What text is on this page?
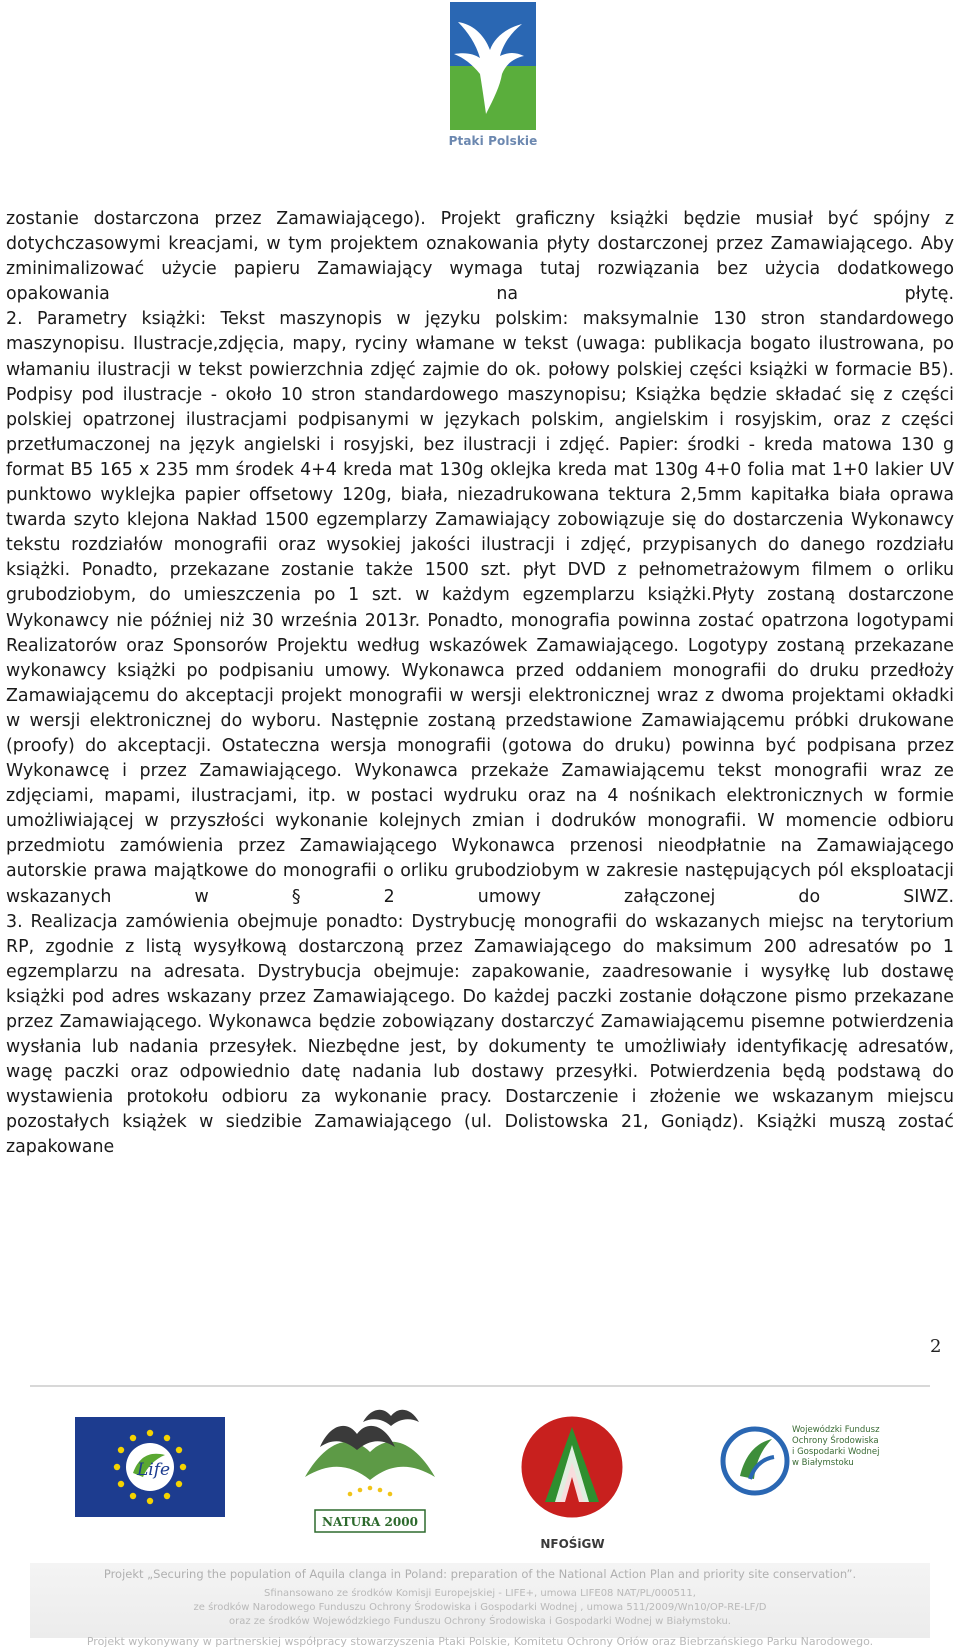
Ptaki Polskie

zostanie dostarczona przez Zamawiającego). Projekt graficzny książki będzie musiał być spójny z dotychczasowymi kreacjami, w tym projektem oznakowania płyty dostarczonej przez Zamawiającego. Aby zminimalizować użycie papieru Zamawiający wymaga tutaj rozwiązania bez użycia dodatkowego opakowania na płytę.

2. Parametry książki: Tekst maszynopis w języku polskim: maksymalnie 130 stron standardowego maszynopisu. Ilustracje,zdjęcia, mapy, ryciny włamane w tekst (uwaga: publikacja bogato ilustrowana, po włamaniu ilustracji w tekst powierzchnia zdjęć zajmie do ok. połowy polskiej części książki w formacie B5). Podpisy pod ilustracje - około 10 stron standardowego maszynopisu; Książka będzie składać się z części polskiej opatrzonej ilustracjami podpisanymi w językach polskim, angielskim i rosyjskim, oraz z części przetłumaczonej na język angielski i rosyjski, bez ilustracji i zdjęć. Papier: środki - kreda matowa 130 g format B5 165 x 235 mm środek 4+4 kreda mat 130g oklejka kreda mat 130g 4+0 folia mat 1+0 lakier UV punktowo wyklejka papier offsetowy 120g, biała, niezadrukowana tektura 2,5mm kapitałka biała oprawa twarda szyto klejona Nakład 1500 egzemplarzy Zamawiający zobowiązuje się do dostarczenia Wykonawcy tekstu rozdziałów monografii oraz wysokiej jakości ilustracji i zdjęć, przypisanych do danego rozdziału książki. Ponadto, przekazane zostanie także 1500 szt. płyt DVD z pełnometrażowym filmem o orliku grubodziobym, do umieszczenia po 1 szt. w każdym egzemplarzu książki.Płyty zostaną dostarczone Wykonawcy nie później niż 30 września 2013r. Ponadto, monografia powinna zostać opatrzona logotypami Realizatorów oraz Sponsorów Projektu według wskazówek Zamawiającego. Logotypy zostaną przekazane wykonawcy książki po podpisaniu umowy. Wykonawca przed oddaniem monografii do druku przedłoży Zamawiającemu do akceptacji projekt monografii w wersji elektronicznej wraz z dwoma projektami okładki w wersji elektronicznej do wyboru. Następnie zostaną przedstawione Zamawiającemu próbki drukowane (proofy) do akceptacji. Ostateczna wersja monografii (gotowa do druku) powinna być podpisana przez Wykonawcę i przez Zamawiającego. Wykonawca przekaże Zamawiającemu tekst monografii wraz ze zdjęciami, mapami, ilustracjami, itp. w postaci wydruku oraz na 4 nośnikach elektronicznych w formie umożliwiającej w przyszłości wykonanie kolejnych zmian i dodruków monografii. W momencie odbioru przedmiotu zamówienia przez Zamawiającego Wykonawca przenosi nieodpłatnie na Zamawiającego autorskie prawa majątkowe do monografii o orliku grubodziobym w zakresie następujących pól eksploatacji wskazanych w § 2 umowy załączonej do SIWZ.

3. Realizacja zamówienia obejmuje ponadto: Dystrybucję monografii do wskazanych miejsc na terytorium RP, zgodnie z listą wysyłkową dostarczoną przez Zamawiającego do maksimum 200 adresatów po 1 egzemplarzu na adresata. Dystrybucja obejmuje: zapakowanie, zaadresowanie i wysyłkę lub dostawę książki pod adres wskazany przez Zamawiającego. Do każdej paczki zostanie dołączone pismo przekazane przez Zamawiającego. Wykonawca będzie zobowiązany dostarczyć Zamawiającemu pisemne potwierdzenia wysłania lub nadania przesyłek. Niezbędne jest, by dokumenty te umożliwiały identyfikację adresatów, wagę paczki oraz odpowiednio datę nadania lub dostawy przesyłki. Potwierdzenia będą podstawą do wystawienia protokołu odbioru za wykonanie pracy. Dostarczenie i złożenie we wskazanym miejscu pozostałych książek w siedzibie Zamawiającego (ul. Dolistowska 21, Goniądz). Książki muszą zostać zapakowane

2
Life
NATURA 2000
NFOŚiGW
Wojewódzki Fundusz
Ochrony Środowiska
i Gospodarki Wodnej
w Białymstoku
Projekt „Securing the population of Aquila clanga in Poland: preparation of the National Action Plan and priority site conservation”.
Sfinansowano ze środków Komisji Europejskiej - LIFE+, umowa LIFE08 NAT/PL/000511,
ze środków Narodowego Funduszu Ochrony Środowiska i Gospodarki Wodnej , umowa 511/2009/Wn10/OP-RE-LF/D
oraz ze środków Wojewódzkiego Funduszu Ochrony Środowiska i Gospodarki Wodnej w Białymstoku.
Projekt wykonywany w partnerskiej współpracy stowarzyszenia Ptaki Polskie, Komitetu Ochrony Orłów oraz Biebrzańskiego Parku Narodowego.
